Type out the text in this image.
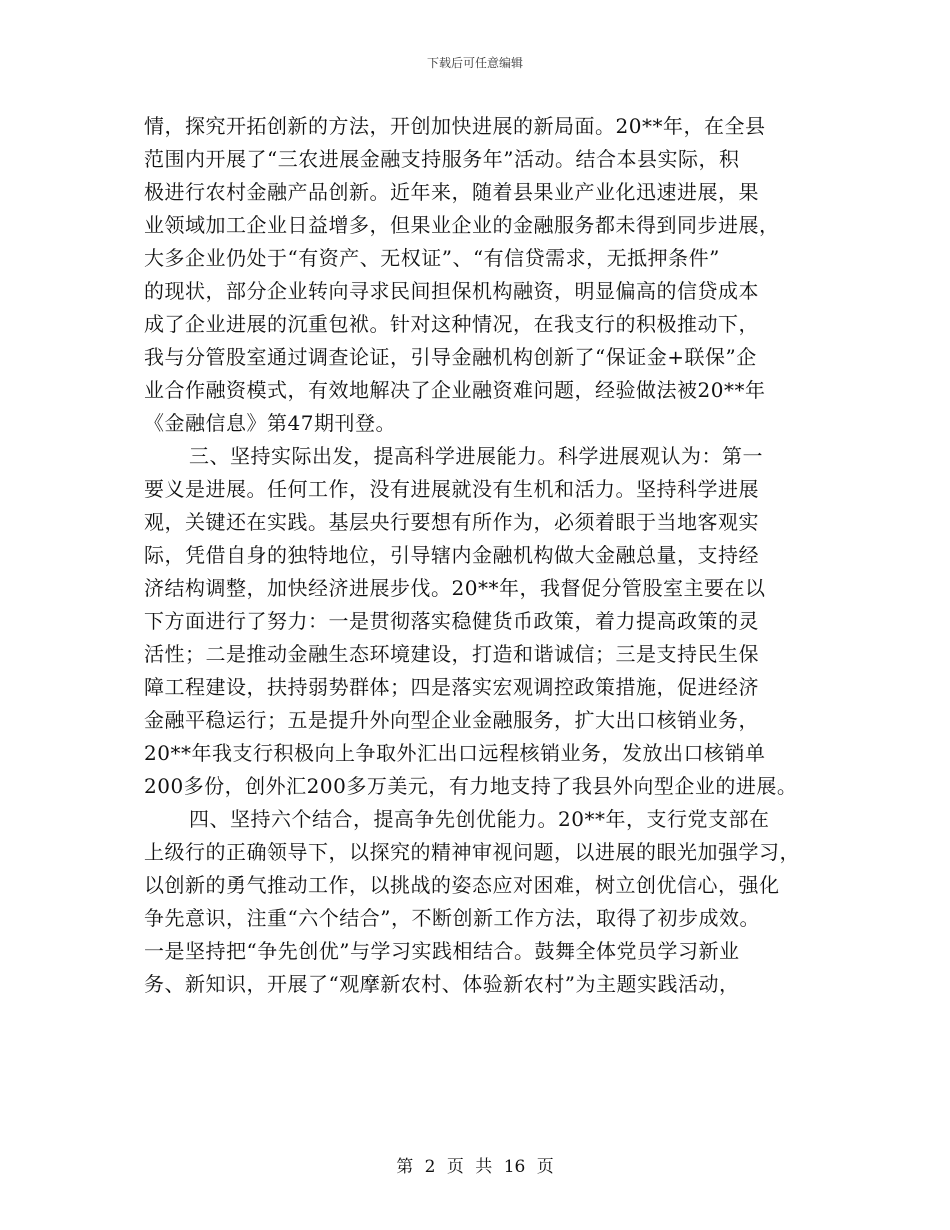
下载后可任意编辑
情，探究开拓创新的方法，开创加快进展的新局面。20**年，在全县
范围内开展了“三农进展金融支持服务年”活动。结合本县实际，积
极进行农村金融产品创新。近年来，随着县果业产业化迅速进展，果
业领域加工企业日益增多，但果业企业的金融服务都未得到同步进展，
大多企业仍处于“有资产、无权证”、“有信贷需求，无抵押条件”
的现状，部分企业转向寻求民间担保机构融资，明显偏高的信贷成本
成了企业进展的沉重包袱。针对这种情况，在我支行的积极推动下，
我与分管股室通过调查论证，引导金融机构创新了“保证金+联保”企
业合作融资模式，有效地解决了企业融资难问题，经验做法被20**年
《金融信息》第47期刊登。
三、坚持实际出发，提高科学进展能力。科学进展观认为：第一
要义是进展。任何工作，没有进展就没有生机和活力。坚持科学进展
观，关键还在实践。基层央行要想有所作为，必须着眼于当地客观实
际，凭借自身的独特地位，引导辖内金融机构做大金融总量，支持经
济结构调整，加快经济进展步伐。20**年，我督促分管股室主要在以
下方面进行了努力：一是贯彻落实稳健货币政策，着力提高政策的灵
活性；二是推动金融生态环境建设，打造和谐诚信；三是支持民生保
障工程建设，扶持弱势群体；四是落实宏观调控政策措施，促进经济
金融平稳运行；五是提升外向型企业金融服务，扩大出口核销业务，
20**年我支行积极向上争取外汇出口远程核销业务，发放出口核销单
200多份，创外汇200多万美元，有力地支持了我县外向型企业的进展。
四、坚持六个结合，提高争先创优能力。20**年，支行党支部在
上级行的正确领导下，以探究的精神审视问题，以进展的眼光加强学习，
以创新的勇气推动工作，以挑战的姿态应对困难，树立创优信心，强化
争先意识，注重“六个结合”，不断创新工作方法，取得了初步成效。
一是坚持把“争先创优”与学习实践相结合。鼓舞全体党员学习新业
务、新知识，开展了“观摩新农村、体验新农村”为主题实践活动，
第 2 页 共 16 页
